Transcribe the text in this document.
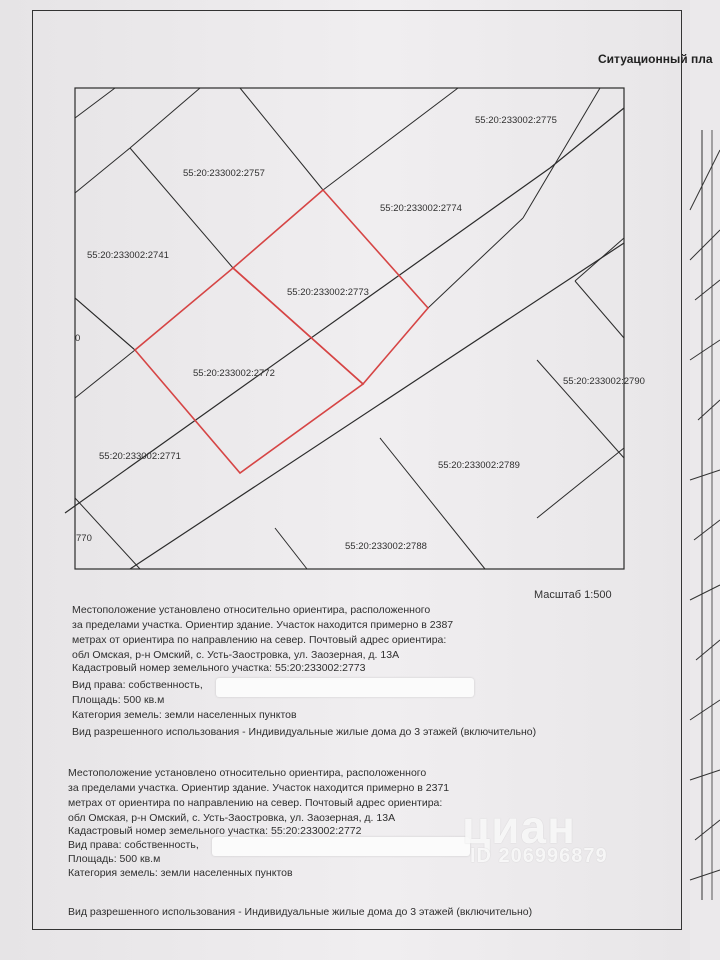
Ситуационный пла
55:20:233002:2775
55:20:233002:2757
55:20:233002:2774
55:20:233002:2741
55:20:233002:2773
0
55:20:233002:2772
55:20:233002:2790
55:20:233002:2771
55:20:233002:2789
770
55:20:233002:2788
Масштаб 1:500
Местоположение установлено относительно ориентира, расположенного
за пределами участка. Ориентир здание. Участок находится примерно в 2387
метрах от ориентира по направлению на север. Почтовый адрес ориентира:
обл Омская, р-н Омский, с. Усть-Заостровка, ул. Заозерная, д. 13А
Кадастровый номер земельного участка: 55:20:233002:2773
Вид права: собственность,
Площадь: 500 кв.м
Категория земель: земли населенных пунктов
Вид разрешенного использования - Индивидуальные жилые дома до 3 этажей (включительно)
Местоположение установлено относительно ориентира, расположенного
за пределами участка. Ориентир здание. Участок находится примерно в 2371
метрах от ориентира по направлению на север. Почтовый адрес ориентира:
обл Омская, р-н Омский, с. Усть-Заостровка, ул. Заозерная, д. 13А
Кадастровый номер земельного участка: 55:20:233002:2772
Вид права: собственность,
Площадь: 500 кв.м
Категория земель: земли населенных пунктов
Вид разрешенного использования - Индивидуальные жилые дома до 3 этажей (включительно)
циан
ID 206996879
